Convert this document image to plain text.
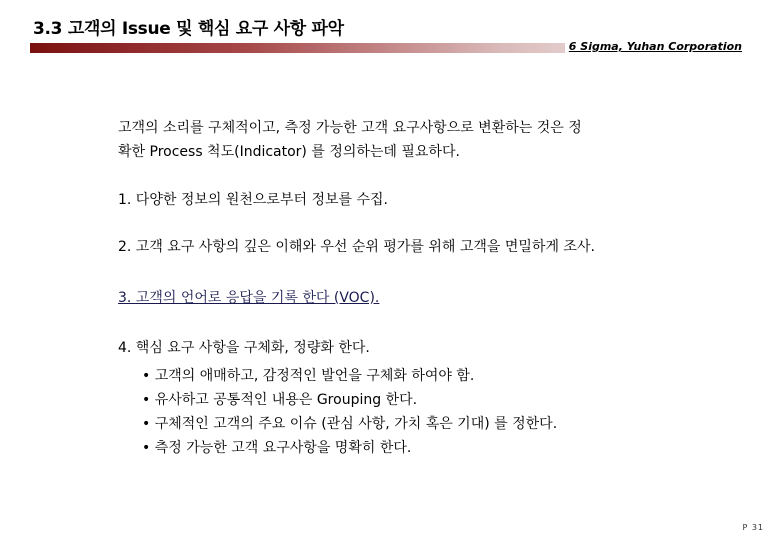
3.3 고객의 Issue 및 핵심 요구 사항 파악
6 Sigma, Yuhan Corporation

고객의 소리를 구체적이고, 측정 가능한 고객 요구사항으로 변환하는 것은 정
확한 Process 척도(Indicator) 를 정의하는데 필요하다.

1. 다양한 정보의 원천으로부터 정보를 수집.

2. 고객 요구 사항의 깊은 이해와 우선 순위 평가를 위해 고객을 면밀하게 조사.

3. 고객의 언어로 응답을 기록 한다 (VOC).

4. 핵심 요구 사항을 구체화, 정량화 한다.

• 고객의 애매하고, 감정적인 발언을 구체화 하여야 함.
• 유사하고 공통적인 내용은 Grouping 한다.
• 구체적인 고객의 주요 이슈 (관심 사항, 가치 혹은 기대) 를 정한다.
• 측정 가능한 고객 요구사항을 명확히 한다.
P 31
